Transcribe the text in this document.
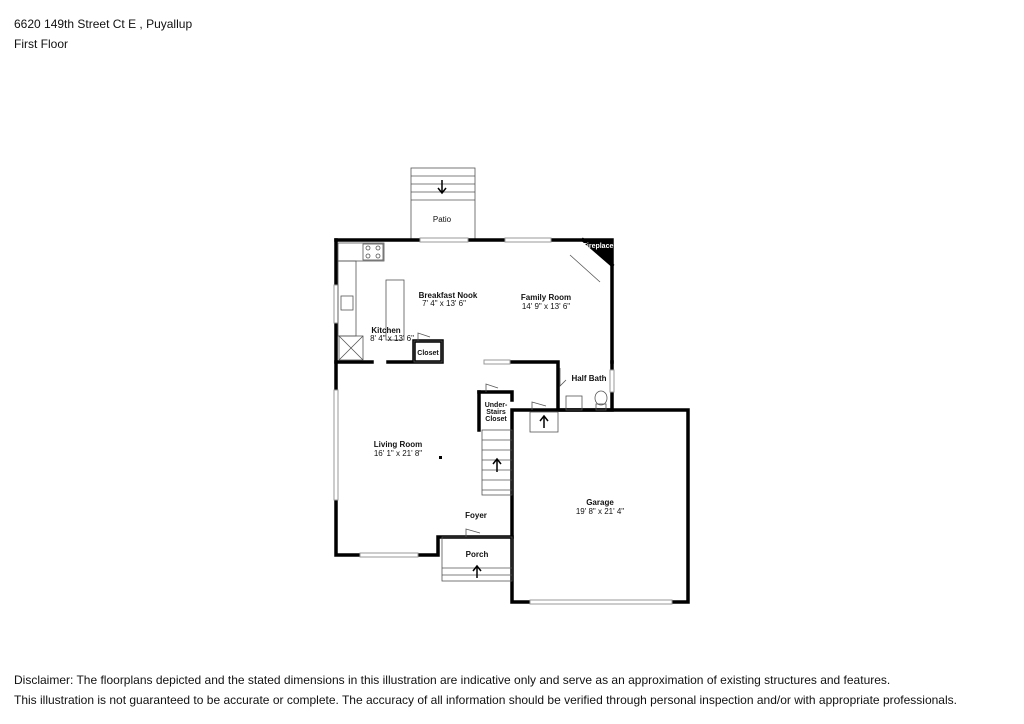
6620 149th Street Ct E , Puyallup
First Floor
Patio
Fireplace
Breakfast Nook
7' 4" x 13' 6"
Family Room
14' 9" x 13' 6"
Kitchen
8' 4" x 13' 6"
Closet
Half Bath
Under-
Stairs
Closet
Living Room
16' 1" x 21' 8"
Garage
19' 8" x 21' 4"
Foyer
Porch
Disclaimer: The floorplans depicted and the stated dimensions in this illustration are indicative only and serve as an approximation of existing structures and features.
This illustration is not guaranteed to be accurate or complete. The accuracy of all information should be verified through personal inspection and/or with appropriate professionals.
